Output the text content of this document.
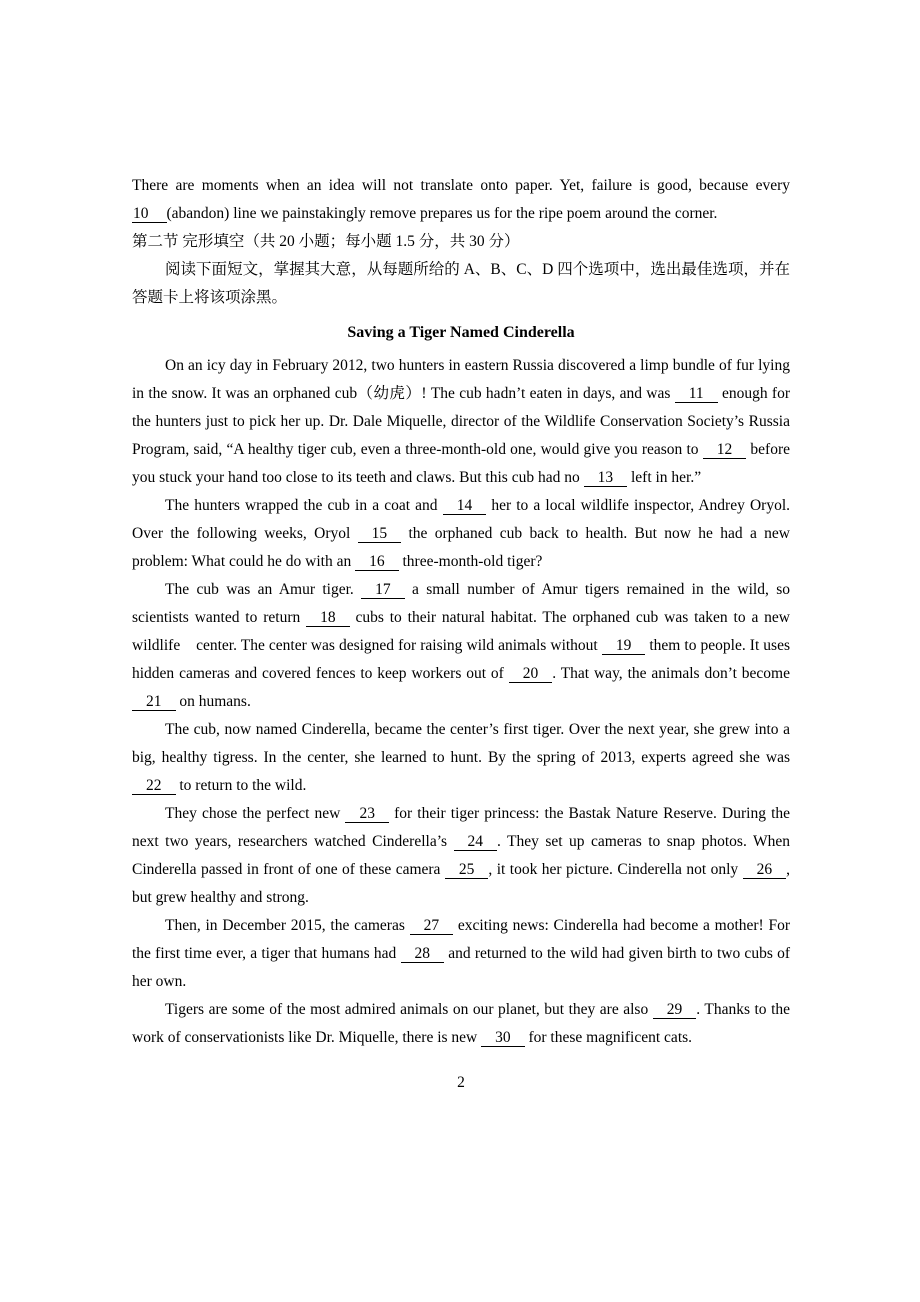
There are moments when an idea will not translate onto paper. Yet, failure is good, because every 10 (abandon) line we painstakingly remove prepares us for the ripe poem around the corner.

第二节 完形填空（共 20 小题；每小题 1.5 分，共 30 分）

阅读下面短文，掌握其大意，从每题所给的 A、B、C、D 四个选项中，选出最佳选项，并在答题卡上将该项涂黑。

Saving a Tiger Named Cinderella

On an icy day in February 2012, two hunters in eastern Russia discovered a limp bundle of fur lying in the snow. It was an orphaned cub（幼虎）! The cub hadn’t eaten in days, and was 11 enough for the hunters just to pick her up. Dr. Dale Miquelle, director of the Wildlife Conservation Society’s Russia Program, said, “A healthy tiger cub, even a three-month-old one, would give you reason to 12 before you stuck your hand too close to its teeth and claws. But this cub had no 13 left in her.”

The hunters wrapped the cub in a coat and 14 her to a local wildlife inspector, Andrey Oryol. Over the following weeks, Oryol 15 the orphaned cub back to health. But now he had a new problem: What could he do with an 16 three-month-old tiger?

The cub was an Amur tiger. 17 a small number of Amur tigers remained in the wild, so scientists wanted to return 18 cubs to their natural habitat. The orphaned cub was taken to a new wildlife　center. The center was designed for raising wild animals without 19 them to people. It uses hidden cameras and covered fences to keep workers out of 20 . That way, the animals don’t become 21 on humans.

The cub, now named Cinderella, became the center’s first tiger. Over the next year, she grew into a big, healthy tigress. In the center, she learned to hunt. By the spring of 2013, experts agreed she was 22 to return to the wild.

They chose the perfect new 23 for their tiger princess: the Bastak Nature Reserve. During the next two years, researchers watched Cinderella’s 24 . They set up cameras to snap photos. When Cinderella passed in front of one of these camera 25 , it took her picture. Cinderella not only 26 , but grew healthy and strong.

Then, in December 2015, the cameras 27 exciting news: Cinderella had become a mother! For the first time ever, a tiger that humans had 28 and returned to the wild had given birth to two cubs of her own.

Tigers are some of the most admired animals on our planet, but they are also 29 . Thanks to the work of conservationists like Dr. Miquelle, there is new 30 for these magnificent cats.

2
